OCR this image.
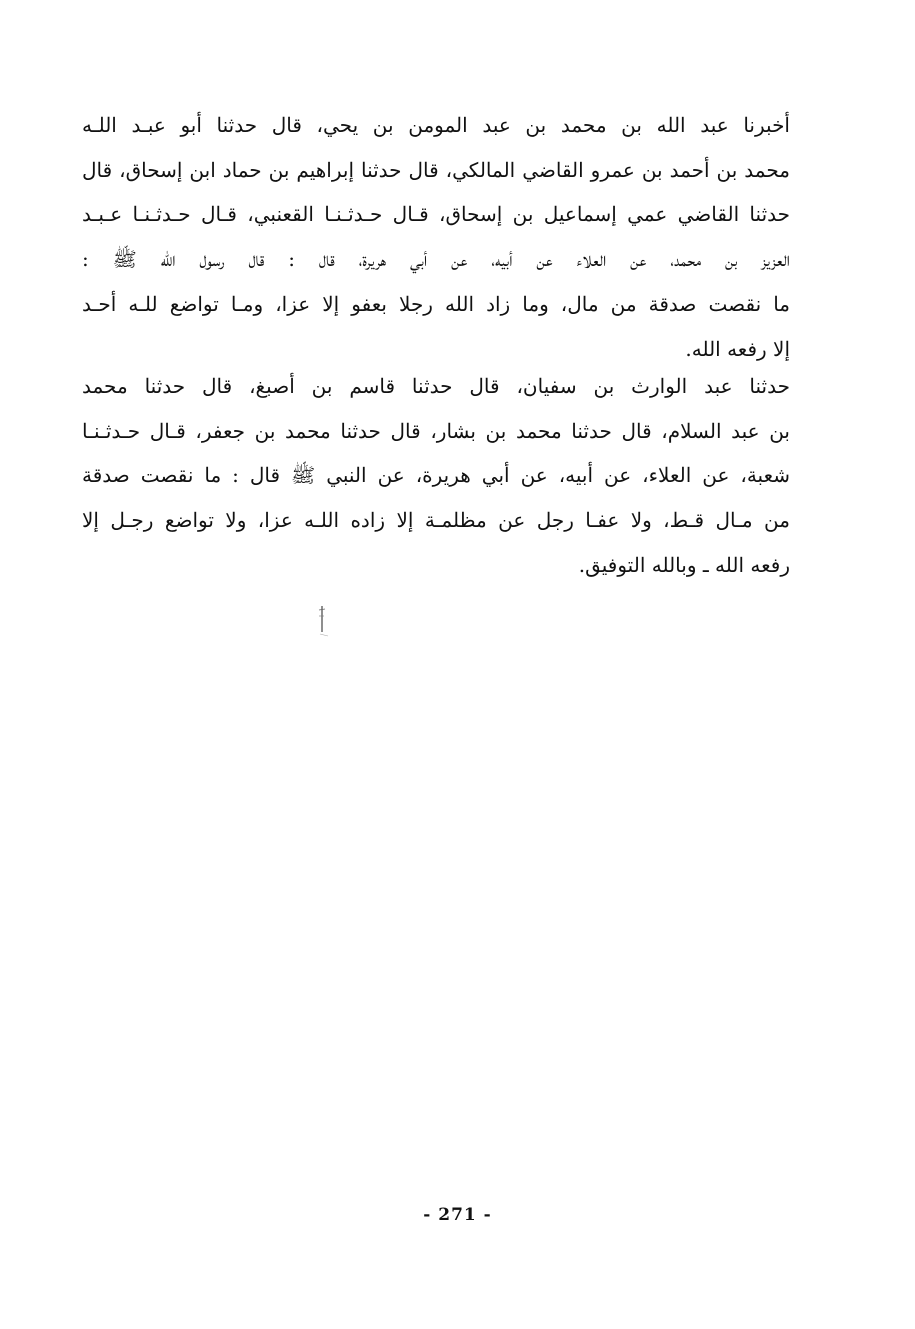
أخبرنا عبد الله بن محمد بن عبد المومن بن يحي، قال حدثنا أبو عبـد اللـه
محمد بن أحمد بن عمرو القاضي المالكي، قال حدثنا إبراهيم بن حماد ابن إسحاق، قال
حدثنا القاضي عمي إسماعيل بن إسحاق، قـال حـدثـنـا القعنبي، قـال حـدثـنـا عـبـد
العزيز بن محمد، عن العلاء عن أبيه، عن أبي هريرة، قال : قال رسول الله ﷺ :
ما نقصت صدقة من مال، وما زاد الله رجلا بعفو إلا عزا، ومـا تواضع للـه أحـد
إلا رفعه الله.
حدثنا عبد الوارث بن سفيان، قال حدثنا قاسم بن أصبغ، قال حدثنا محمد
بن عبد السلام، قال حدثنا محمد بن بشار، قال حدثنا محمد بن جعفر، قـال حـدثـنـا
شعبة، عن العلاء، عن أبيه، عن أبي هريرة، عن النبي ﷺ قال : ما نقصت صدقة
من مـال قـط، ولا عفـا رجل عن مظلمـة إلا زاده اللـه عزا، ولا تواضع رجـل إلا
رفعه الله ـ وبالله التوفيق.
- 271 -
